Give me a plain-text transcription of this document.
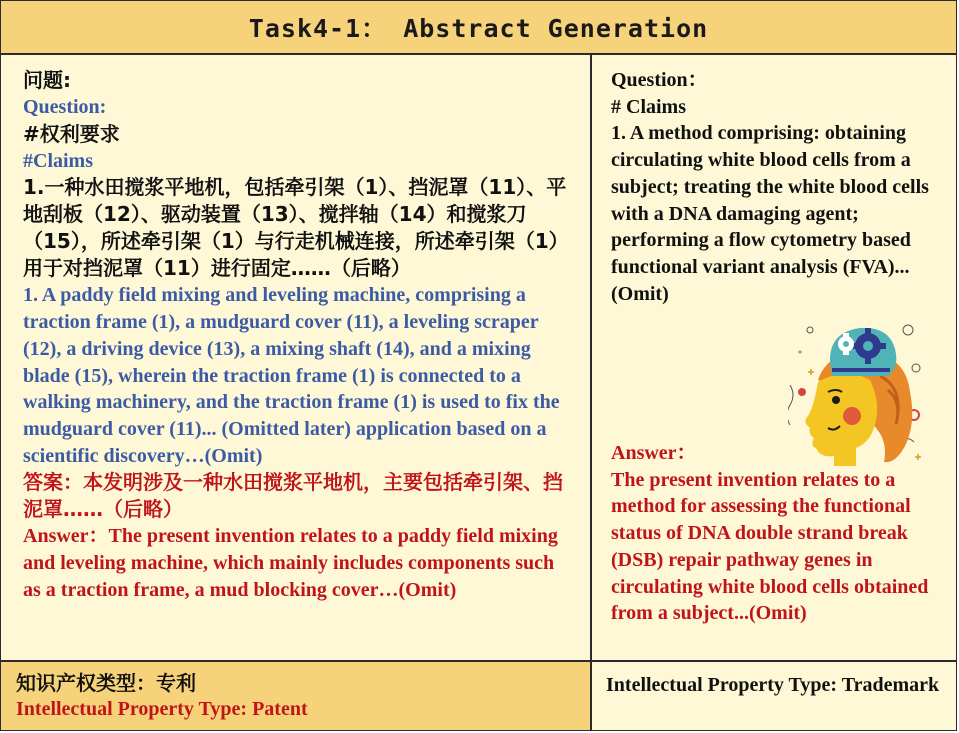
Task4-1： Abstract Generation

问题:

Question:

#权利要求

#Claims

1.一种水田搅浆平地机，包括牵引架（1）、挡泥罩（11）、平地刮板（12）、驱动装置（13）、搅拌轴（14）和搅浆刀（15），所述牵引架（1）与行走机械连接，所述牵引架（1）用于对挡泥罩（11）进行固定……（后略）

1. A paddy field mixing and leveling machine, comprising a traction frame (1), a mudguard cover (11), a leveling scraper (12), a driving device (13), a mixing shaft (14), and a mixing blade (15), wherein the traction frame (1) is connected to a walking machinery, and the traction frame (1) is used to fix the mudguard cover (11)... (Omitted later) application based on a scientific discovery…(Omit)

答案：本发明涉及一种水田搅浆平地机，主要包括牵引架、挡泥罩……（后略）

Answer：The present invention relates to a paddy field mixing and leveling machine, which mainly includes components such as a traction frame, a mud blocking cover…(Omit)

Question：

# Claims

1. A method comprising: obtaining circulating white blood cells from a subject; treating the white blood cells with a DNA damaging agent; performing a flow cytometry based functional variant analysis (FVA)...(Omit)

Answer：

The present invention relates to a method for assessing the functional status of DNA double strand break (DSB) repair pathway genes in circulating white blood cells obtained from a subject...(Omit)

知识产权类型：专利

Intellectual Property Type: Patent

Intellectual Property Type: Trademark
